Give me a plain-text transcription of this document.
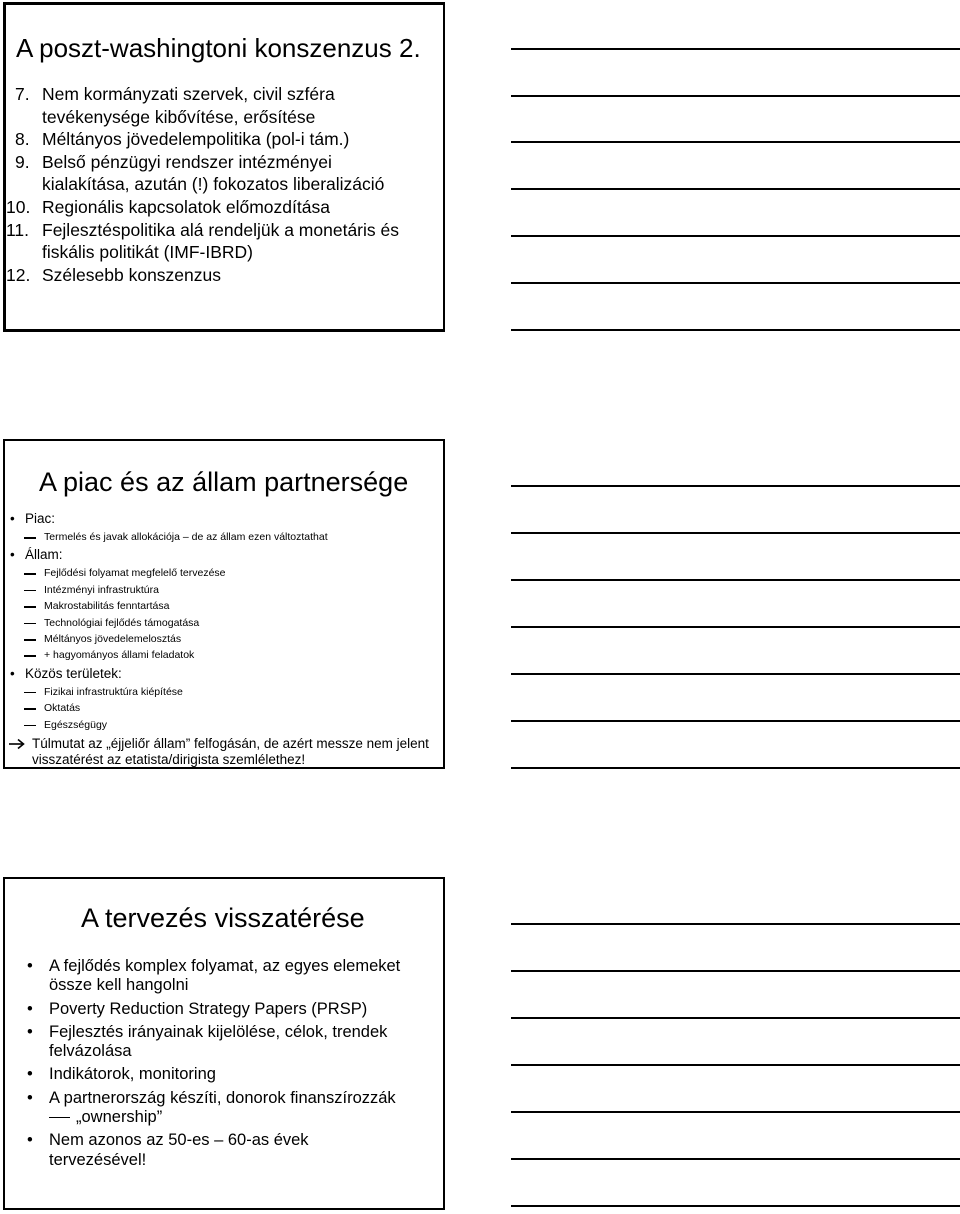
A poszt-washingtoni konszenzus 2.
7. Nem kormányzati szervek, civil szféra tevékenysége kibővítése, erősítése
8. Méltányos jövedelempolitika (pol-i tám.)
9. Belső pénzügyi rendszer intézményei kialakítása, azután (!) fokozatos liberalizáció
10. Regionális kapcsolatok előmozdítása
11. Fejlesztéspolitika alá rendeljük a monetáris és fiskális politikát (IMF-IBRD)
12. Szélesebb konszenzus
A piac és az állam partnersége
• Piac:
Termelés és javak allokációja – de az állam ezen változtathat
• Állam:
Fejlődési folyamat megfelelő tervezése
Intézményi infrastruktúra
Makrostabilitás fenntartása
Technológiai fejlődés támogatása
Méltányos jövedelemelosztás
+ hagyományos állami feladatok
• Közös területek:
Fizikai infrastruktúra kiépítése
Oktatás
Egészségügy
Túlmutat az „éjjeliőr állam” felfogásán, de azért messze nem jelent visszatérést az etatista/dirigista szemlélethez!
A tervezés visszatérése
• A fejlődés komplex folyamat, az egyes elemeket össze kell hangolni
• Poverty Reduction Strategy Papers (PRSP)
• Fejlesztés irányainak kijelölése, célok, trendek felvázolása
• Indikátorok, monitoring
• A partnerország készíti, donorok finanszírozzák
„ownership”
• Nem azonos az 50-es – 60-as évek tervezésével!
